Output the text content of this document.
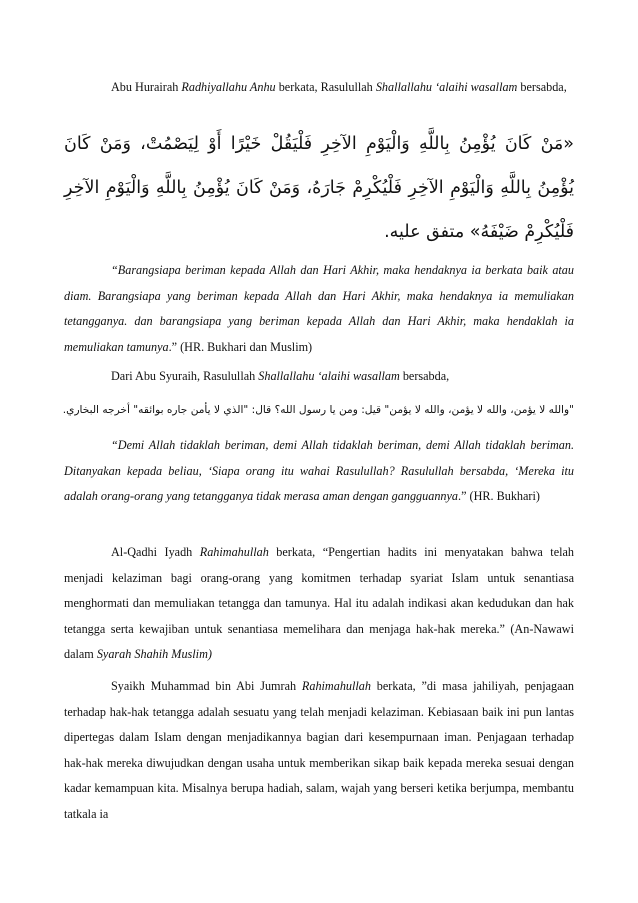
Abu Hurairah Radhiyallahu Anhu berkata, Rasulullah Shallallahu ‘alaihi wasallam bersabda,

«مَنْ كَانَ يُؤْمِنُ بِاللَّهِ وَالْيَوْمِ الآخِرِ فَلْيَقُلْ خَيْرًا أَوْ لِيَصْمُتْ، وَمَنْ كَانَ يُؤْمِنُ بِاللَّهِ وَالْيَوْمِ الآخِرِ فَلْيُكْرِمْ جَارَهُ، وَمَنْ كَانَ يُؤْمِنُ بِاللَّهِ وَالْيَوْمِ الآخِرِ فَلْيُكْرِمْ ضَيْفَهُ» متفق عليه.

“Barangsiapa beriman kepada Allah dan Hari Akhir, maka hendaknya ia berkata baik atau diam. Barangsiapa yang beriman kepada Allah dan Hari Akhir, maka hendaknya ia memuliakan tetangganya. dan barangsiapa yang beriman kepada Allah dan Hari Akhir, maka hendaklah ia memuliakan tamunya.” (HR. Bukhari dan Muslim)

Dari Abu Syuraih, Rasulullah Shallallahu ‘alaihi wasallam bersabda,

"والله لا يؤمن، والله لا يؤمن، والله لا يؤمن" قيل: ومن يا رسول الله؟ قال: "الذي لا يأمن جاره بوائقه" أخرجه البخاري.

“Demi Allah tidaklah beriman, demi Allah tidaklah beriman, demi Allah tidaklah beriman. Ditanyakan kepada beliau, ‘Siapa orang itu wahai Rasulullah? Rasulullah bersabda, ‘Mereka itu adalah orang-orang yang tetangganya tidak merasa aman dengan gangguannya.” (HR. Bukhari)

Al-Qadhi Iyadh Rahimahullah berkata, “Pengertian hadits ini menyatakan bahwa telah menjadi kelaziman bagi orang-orang yang komitmen terhadap syariat Islam untuk senantiasa menghormati dan memuliakan tetangga dan tamunya. Hal itu adalah indikasi akan kedudukan dan hak tetangga serta kewajiban untuk senantiasa memelihara dan menjaga hak-hak mereka.” (An-Nawawi dalam Syarah Shahih Muslim)

Syaikh Muhammad bin Abi Jumrah Rahimahullah berkata, ”di masa jahiliyah, penjagaan terhadap hak-hak tetangga adalah sesuatu yang telah menjadi kelaziman. Kebiasaan baik ini pun lantas dipertegas dalam Islam dengan menjadikannya bagian dari kesempurnaan iman. Penjagaan terhadap hak-hak mereka diwujudkan dengan usaha untuk memberikan sikap baik kepada mereka sesuai dengan kadar kemampuan kita. Misalnya berupa hadiah, salam, wajah yang berseri ketika berjumpa, membantu tatkala ia
